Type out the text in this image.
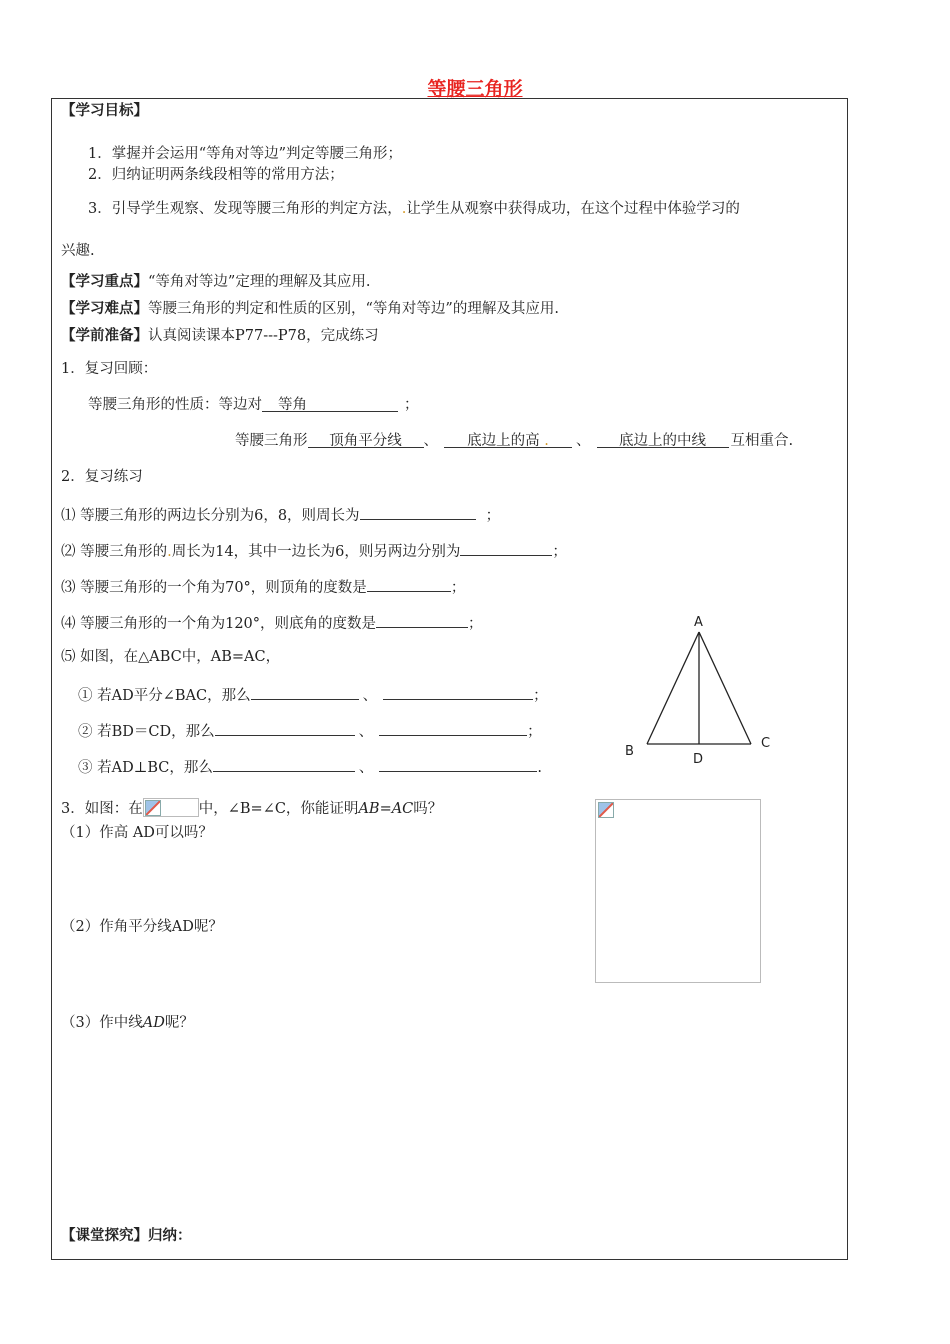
等腰三角形
【学习目标】
1．掌握并会运用“等角对等边”判定等腰三角形；
2．归纳证明两条线段相等的常用方法；
3．引导学生观察、发现等腰三角形的判定方法，.让学生从观察中获得成功，在这个过程中体验学习的
兴趣.
【学习重点】“等角对等边”定理的理解及其应用.
【学习难点】等腰三角形的判定和性质的区别，“等角对等边”的理解及其应用.
【学前准备】认真阅读课本P77---P78，完成练习
1．复习回顾：
等腰三角形的性质：等边对 等角	；
等腰三角形 顶角平分线 、 底边上的高 . 、 底边上的中线 互相重合.
2．复习练习
⑴ 等腰三角形的两边长分别为6，8，则周长为	；
⑵ 等腰三角形的.周长为14，其中一边长为6，则另两边分别为	；
⑶ 等腰三角形的一个角为70°，则顶角的度数是	；
⑷ 等腰三角形的一个角为120°，则底角的度数是	；
⑸ 如图，在△ABC中，AB=AC，
① 若AD平分∠BAC，那么	、	；
② 若BD＝CD，那么	、	；
③ 若AD⊥BC，那么	、	.
A
B
C
D
3．如图：在	中，∠B=∠C，你能证明AB=AC吗？
（1）作高 AD可以吗？
（2）作角平分线AD呢？
（3）作中线AD呢？
【课堂探究】归纳：
